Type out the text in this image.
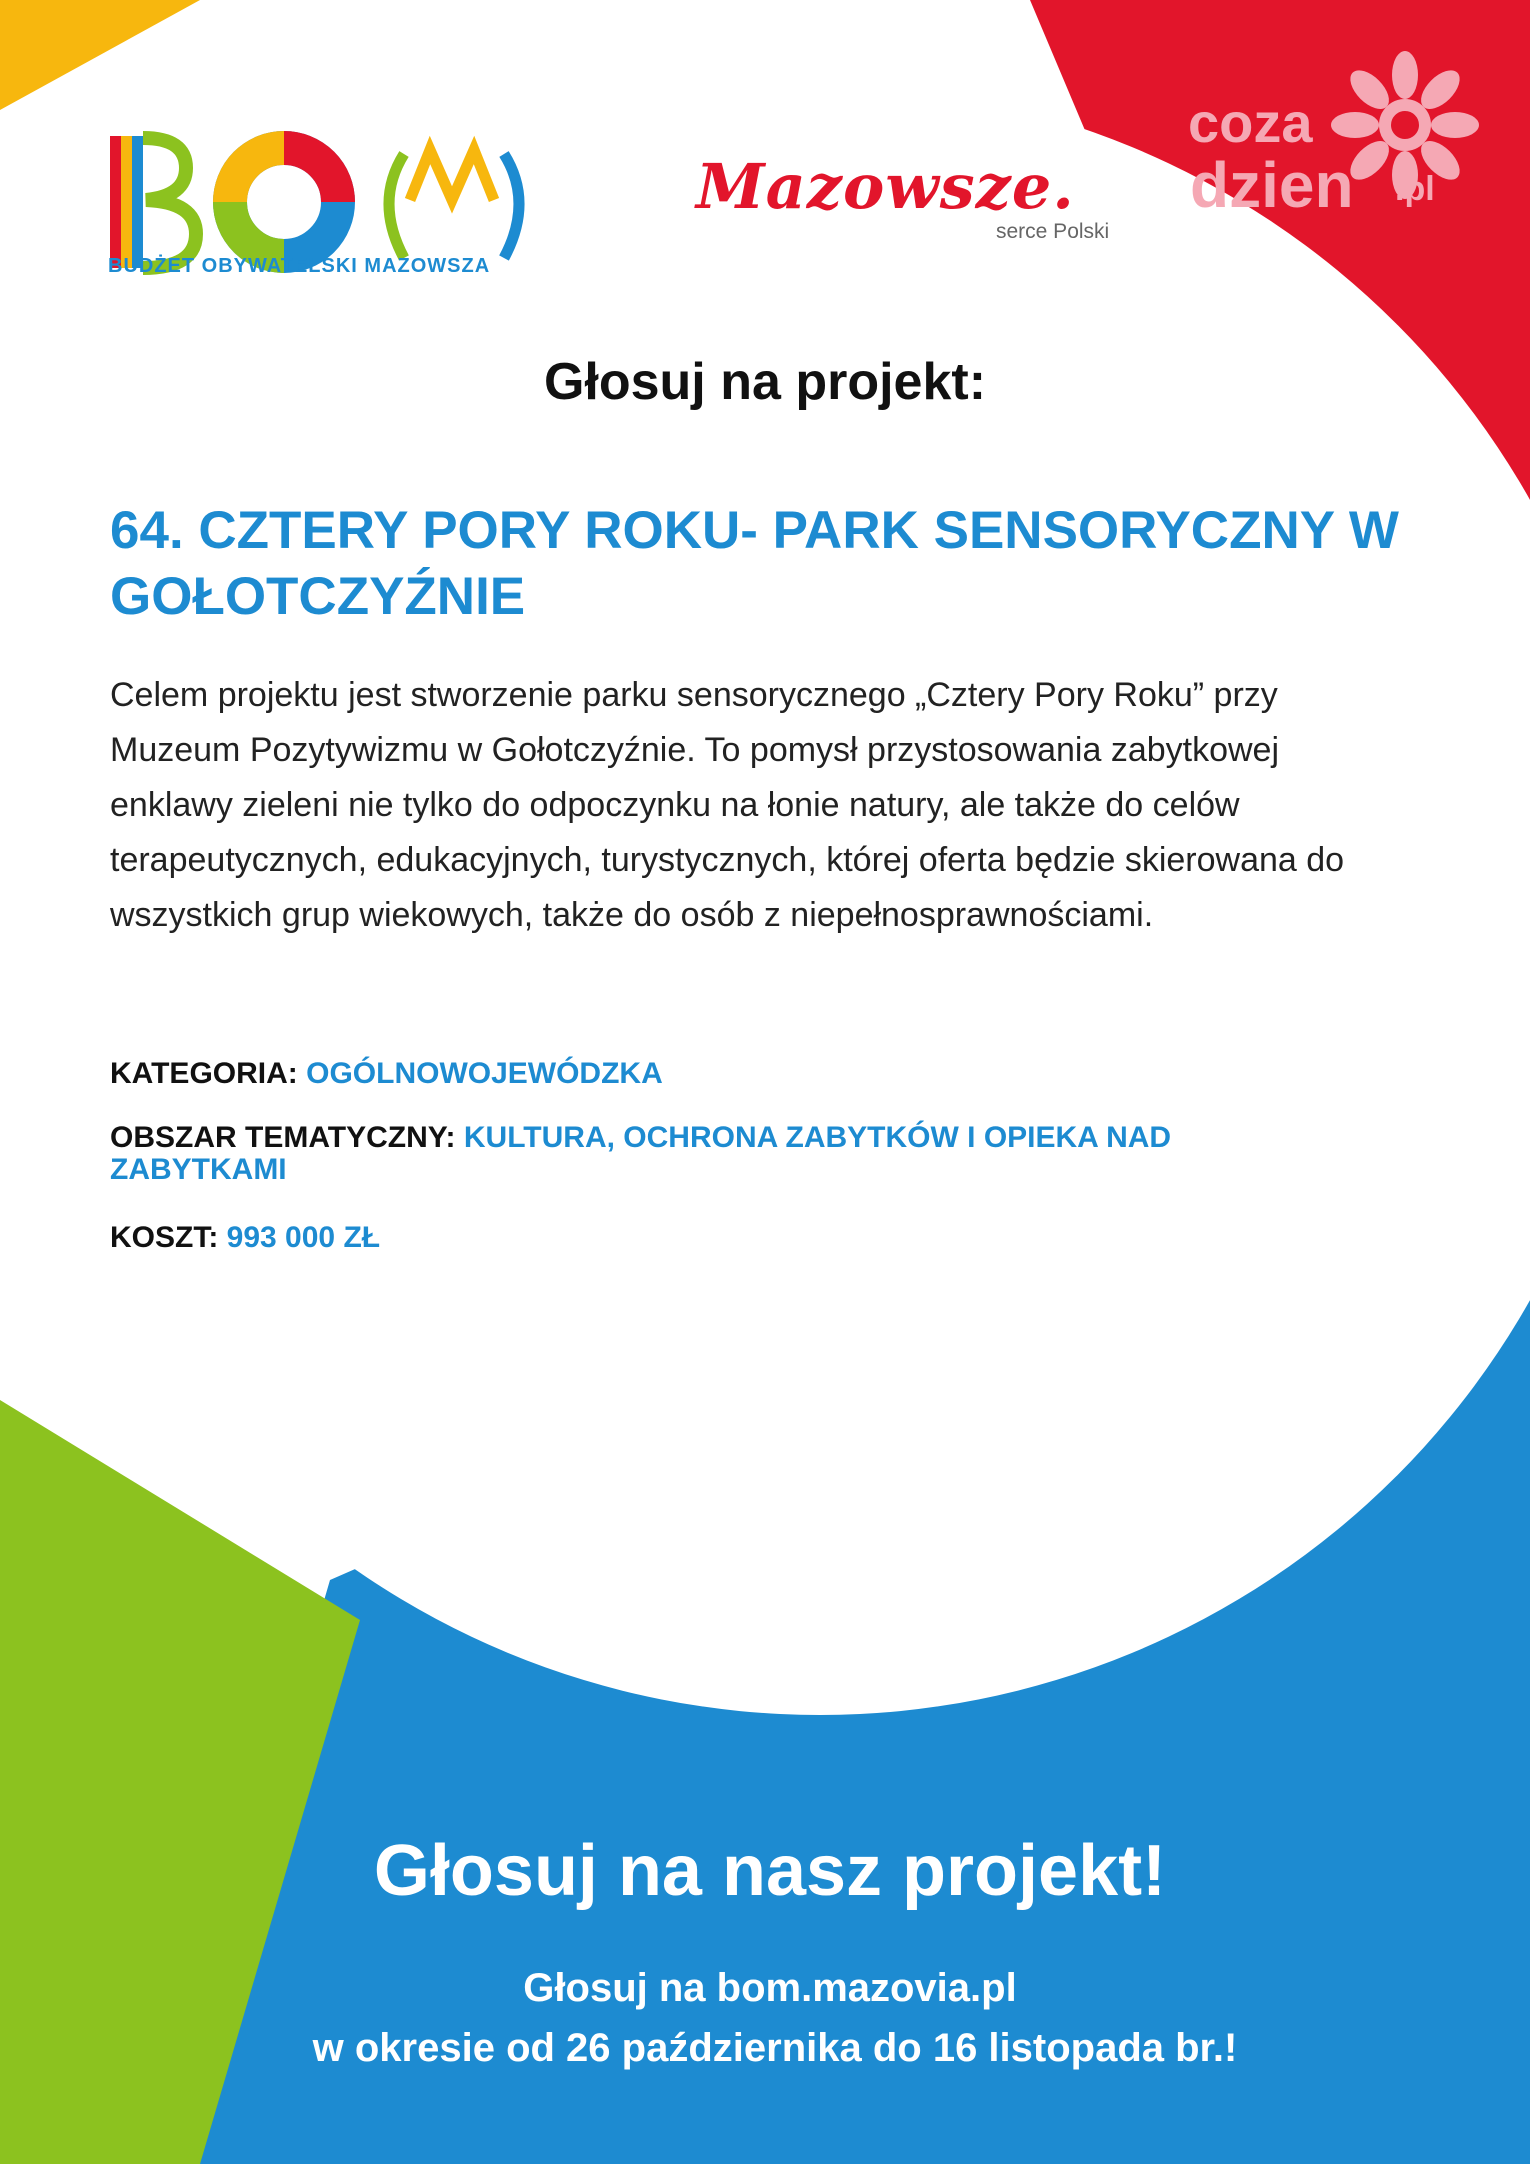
BUDŻET OBYWATELSKI MAZOWSZA
Mazowsze.
serce Polski
coza
dzien .pl
Głosuj na projekt:
64. CZTERY PORY ROKU- PARK SENSORYCZNY W GOŁOTCZYŹNIE
Celem projektu jest stworzenie parku sensorycznego „Cztery Pory Roku” przy Muzeum Pozytywizmu w Gołotczyźnie. To pomysł przystosowania zabytkowej enklawy zieleni nie tylko do odpoczynku na łonie natury, ale także do celów terapeutycznych, edukacyjnych, turystycznych, której oferta będzie skierowana do wszystkich grup wiekowych, także do osób z niepełnosprawnościami.
KATEGORIA: OGÓLNOWOJEWÓDZKA
OBSZAR TEMATYCZNY: KULTURA, OCHRONA ZABYTKÓW I OPIEKA NAD ZABYTKAMI
KOSZT: 993 000 ZŁ
Głosuj na nasz projekt!
Głosuj na bom.mazovia.pl
w okresie od 26 października do 16 listopada br.!
